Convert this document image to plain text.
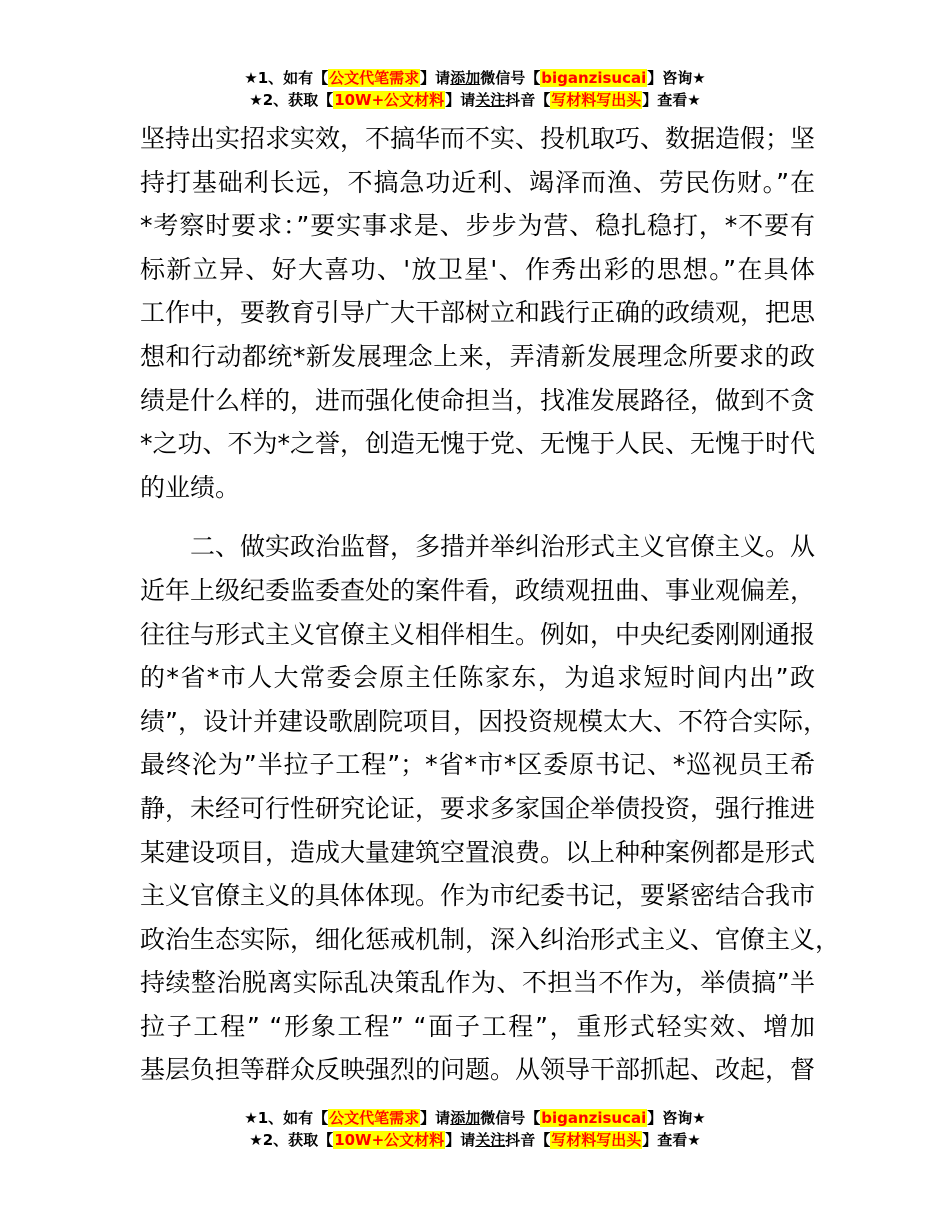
★1、如有【公文代笔需求】请添加微信号【biganzisucai】咨询★
★2、获取【10W+公文材料】请关注抖音【写材料写出头】查看★

坚持出实招求实效，不搞华而不实、投机取巧、数据造假；坚
持打基础利长远，不搞急功近利、竭泽而渔、劳民伤财。”在
*考察时要求：”要实事求是、步步为营、稳扎稳打，*不要有
标新立异、好大喜功、'放卫星'、作秀出彩的思想。”在具体
工作中，要教育引导广大干部树立和践行正确的政绩观，把思
想和行动都统*新发展理念上来，弄清新发展理念所要求的政
绩是什么样的，进而强化使命担当，找准发展路径，做到不贪
*之功、不为*之誉，创造无愧于党、无愧于人民、无愧于时代
的业绩。

二、做实政治监督，多措并举纠治形式主义官僚主义。从
近年上级纪委监委查处的案件看，政绩观扭曲、事业观偏差，
往往与形式主义官僚主义相伴相生。例如，中央纪委刚刚通报
的*省*市人大常委会原主任陈家东，为追求短时间内出”政
绩”，设计并建设歌剧院项目，因投资规模太大、不符合实际，
最终沦为”半拉子工程”；*省*市*区委原书记、*巡视员王希
静，未经可行性研究论证，要求多家国企举债投资，强行推进
某建设项目，造成大量建筑空置浪费。以上种种案例都是形式
主义官僚主义的具体体现。作为市纪委书记，要紧密结合我市
政治生态实际，细化惩戒机制，深入纠治形式主义、官僚主义，
持续整治脱离实际乱决策乱作为、不担当不作为，举债搞”半
拉子工程” “形象工程” “面子工程”，重形式轻实效、增加
基层负担等群众反映强烈的问题。从领导干部抓起、改起，督

★1、如有【公文代笔需求】请添加微信号【biganzisucai】咨询★
★2、获取【10W+公文材料】请关注抖音【写材料写出头】查看★
